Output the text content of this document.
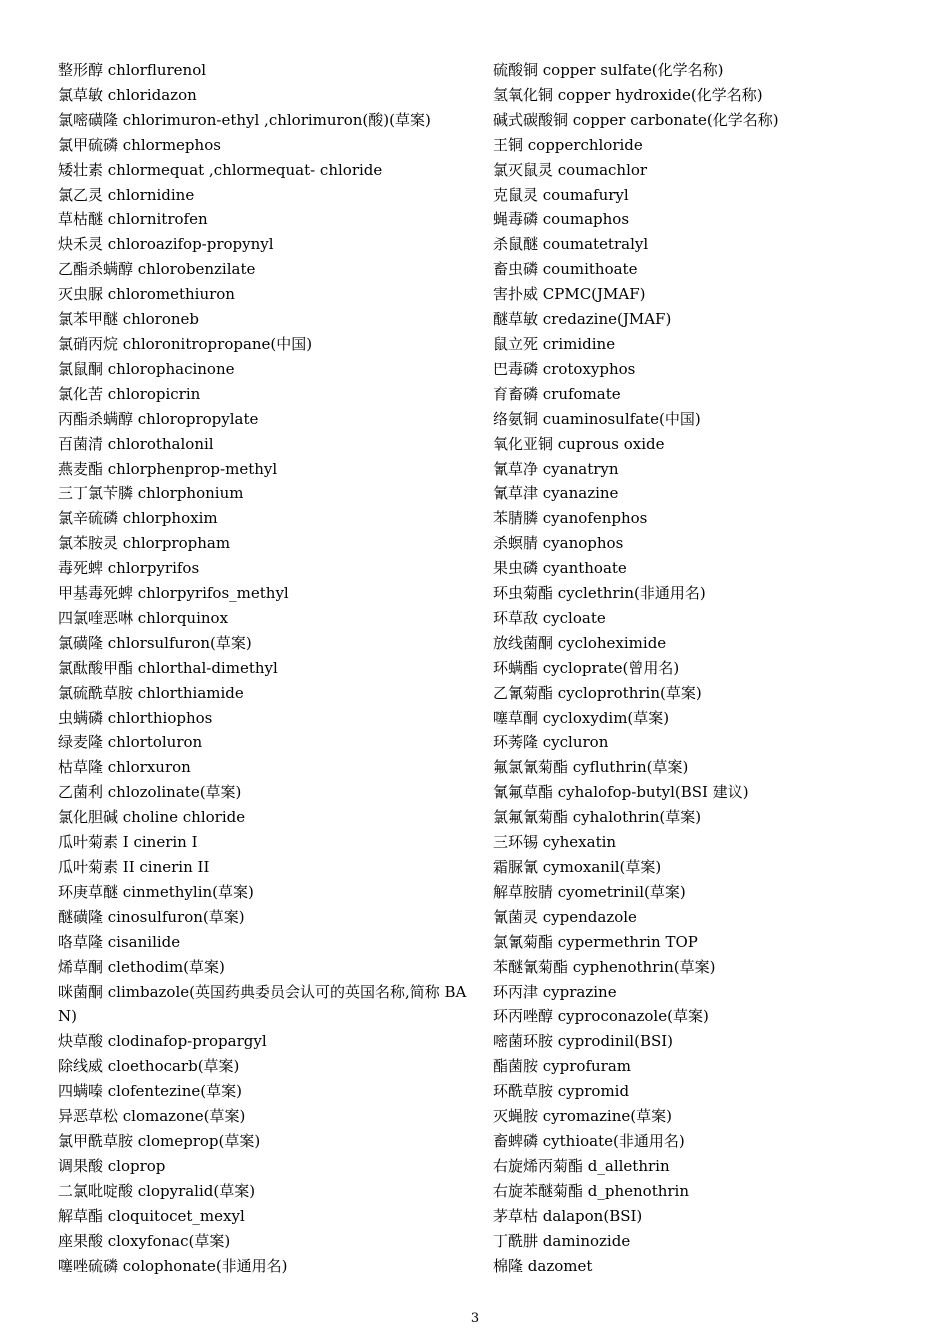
整形醇 chlorflurenol
氯草敏 chloridazon
氯嘧磺隆 chlorimuron-ethyl ,chlorimuron(酸)(草案)
氯甲硫磷 chlormephos
矮壮素 chlormequat ,chlormequat- chloride
氯乙灵 chlornidine
草枯醚 chlornitrofen
炔禾灵 chloroazifop-propynyl
乙酯杀螨醇 chlorobenzilate
灭虫脲 chloromethiuron
氯苯甲醚 chloroneb
氯硝丙烷 chloronitropropane(中国)
氯鼠酮 chlorophacinone
氯化苦 chloropicrin
丙酯杀螨醇 chloropropylate
百菌清 chlorothalonil
燕麦酯 chlorphenprop-methyl
三丁氯苄膦 chlorphonium
氯辛硫磷 chlorphoxim
氯苯胺灵 chlorpropham
毒死蜱 chlorpyrifos
甲基毒死蜱 chlorpyrifos_methyl
四氯喹恶啉 chlorquinox
氯磺隆 chlorsulfuron(草案)
氯酞酸甲酯 chlorthal-dimethyl
氯硫酰草胺 chlorthiamide
虫螨磷 chlorthiophos
绿麦隆 chlortoluron
枯草隆 chlorxuron
乙菌利 chlozolinate(草案)
氯化胆碱 choline chloride
瓜叶菊素 I cinerin I
瓜叶菊素 II cinerin II
环庚草醚 cinmethylin(草案)
醚磺隆 cinosulfuron(草案)
咯草隆 cisanilide
烯草酮 clethodim(草案)
咪菌酮 climbazole(英国药典委员会认可的英国名称,简称 BAN)
炔草酸 clodinafop-propargyl
除线威 cloethocarb(草案)
四螨嗪 clofentezine(草案)
异恶草松 clomazone(草案)
氯甲酰草胺 clomeprop(草案)
调果酸 cloprop
二氯吡啶酸 clopyralid(草案)
解草酯 cloquitocet_mexyl
座果酸 cloxyfonac(草案)
噻唑硫磷 colophonate(非通用名)
硫酸铜 copper sulfate(化学名称)
氢氧化铜 copper hydroxide(化学名称)
碱式碳酸铜 copper carbonate(化学名称)
王铜 copperchloride
氯灭鼠灵 coumachlor
克鼠灵 coumafuryl
蝇毒磷 coumaphos
杀鼠醚 coumatetralyl
畜虫磷 coumithoate
害扑威 CPMC(JMAF)
醚草敏 credazine(JMAF)
鼠立死 crimidine
巴毒磷 crotoxyphos
育畜磷 crufomate
络氨铜 cuaminosulfate(中国)
氧化亚铜 cuprous oxide
氰草净 cyanatryn
氰草津 cyanazine
苯腈膦 cyanofenphos
杀螟腈 cyanophos
果虫磷 cyanthoate
环虫菊酯 cyclethrin(非通用名)
环草敌 cycloate
放线菌酮 cycloheximide
环螨酯 cycloprate(曾用名)
乙氰菊酯 cycloprothrin(草案)
噻草酮 cycloxydim(草案)
环莠隆 cycluron
氟氯氰菊酯 cyfluthrin(草案)
氰氟草酯 cyhalofop-butyl(BSI 建议)
氯氟氰菊酯 cyhalothrin(草案)
三环锡 cyhexatin
霜脲氰 cymoxanil(草案)
解草胺腈 cyometrinil(草案)
氰菌灵 cypendazole
氯氰菊酯 cypermethrin TOP
苯醚氰菊酯 cyphenothrin(草案)
环丙津 cyprazine
环丙唑醇 cyproconazole(草案)
嘧菌环胺 cyprodinil(BSI)
酯菌胺 cyprofuram
环酰草胺 cypromid
灭蝇胺 cyromazine(草案)
畜蜱磷 cythioate(非通用名)
右旋烯丙菊酯 d_allethrin
右旋苯醚菊酯 d_phenothrin
茅草枯 dalapon(BSI)
丁酰肼 daminozide
棉隆 dazomet
3
